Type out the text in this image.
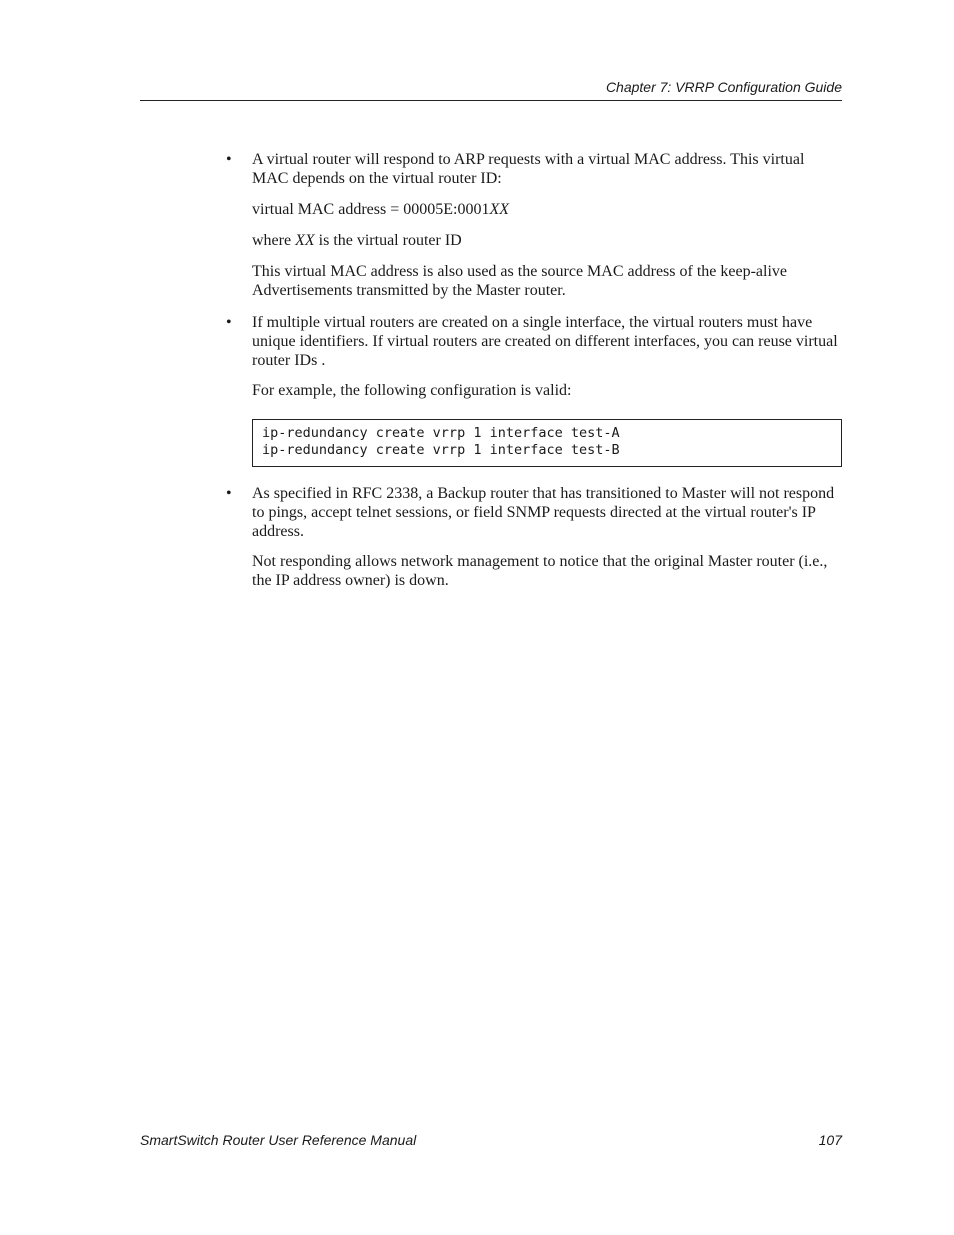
Chapter 7: VRRP Configuration Guide
•	A virtual router will respond to ARP requests with a virtual MAC address. This virtual MAC depends on the virtual router ID:

virtual MAC address = 00005E:0001XX

where XX is the virtual router ID

This virtual MAC address is also used as the source MAC address of the keep-alive Advertisements transmitted by the Master router.

•	If multiple virtual routers are created on a single interface, the virtual routers must have unique identifiers. If virtual routers are created on different interfaces, you can reuse virtual router IDs .

For example, the following configuration is valid:

ip-redundancy create vrrp 1 interface test-A
ip-redundancy create vrrp 1 interface test-B
•	As specified in RFC 2338, a Backup router that has transitioned to Master will not respond to pings, accept telnet sessions, or field SNMP requests directed at the virtual router's IP address.

Not responding allows network management to notice that the original Master router (i.e., the IP address owner) is down.

SmartSwitch Router User Reference Manual	107
